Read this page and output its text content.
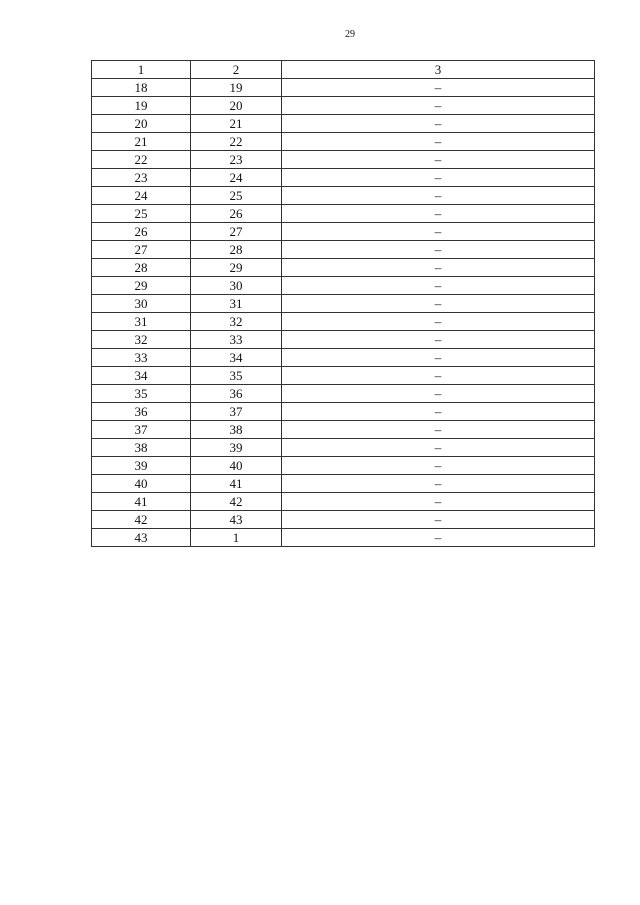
29
1	2	3
18	19	–
19	20	–
20	21	–
21	22	–
22	23	–
23	24	–
24	25	–
25	26	–
26	27	–
27	28	–
28	29	–
29	30	–
30	31	–
31	32	–
32	33	–
33	34	–
34	35	–
35	36	–
36	37	–
37	38	–
38	39	–
39	40	–
40	41	–
41	42	–
42	43	–
43	1	–
